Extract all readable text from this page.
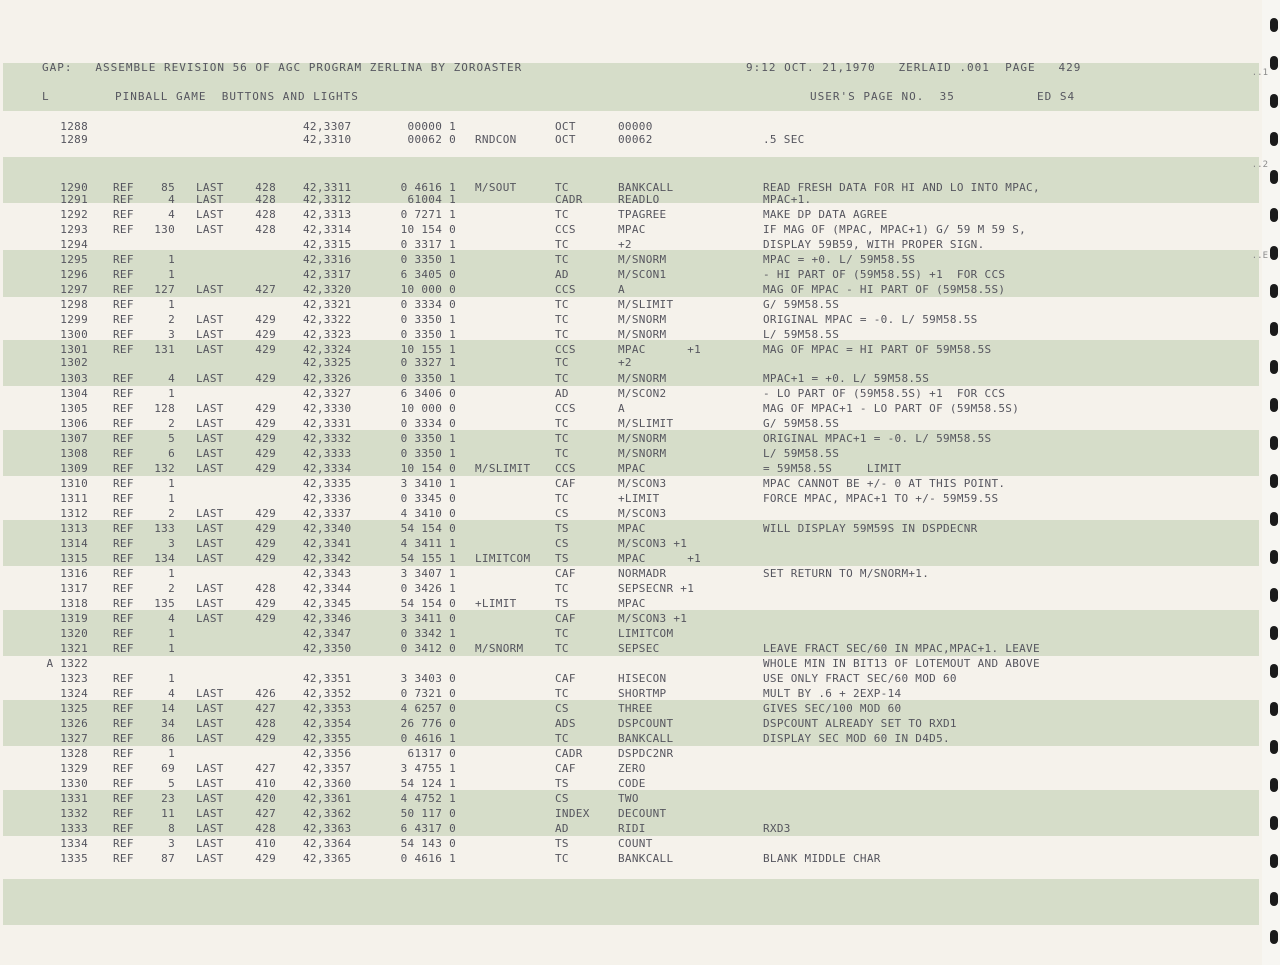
GAP:   ASSEMBLE REVISION 56 OF AGC PROGRAM ZERLINA BY ZOROASTER	9:12 OCT. 21,1970   ZERLAID .001  PAGE   429
L	PINBALL GAME  BUTTONS AND LIGHTS	USER'S PAGE NO.  35	ED S4
1288	42,3307	00000 1	OCT	00000
1289	42,3310	00062 0 RNDCON	OCT	00062	.5 SEC
1290 REF	85 LAST	428 42,3311	0 4616 1 M/SOUT	TC	BANKCALL	READ FRESH DATA FOR HI AND LO INTO MPAC,
1291 REF	4 LAST	428 42,3312	61004 1	CADR	READLO	MPAC+1.
1292 REF	4 LAST	428 42,3313	0 7271 1	TC	TPAGREE	MAKE DP DATA AGREE
1293 REF	130 LAST	428 42,3314	10 154 0	CCS	MPAC	IF MAG OF (MPAC, MPAC+1) G/ 59 M 59 S,
1294	42,3315	0 3317 1	TC	+2	DISPLAY 59B59, WITH PROPER SIGN.
1295 REF	1	42,3316	0 3350 1	TC	M/SNORM	MPAC = +0. L/ 59M58.5S
1296 REF	1	42,3317	6 3405 0	AD	M/SCON1	- HI PART OF (59M58.5S) +1  FOR CCS
1297 REF	127 LAST	427 42,3320	10 000 0	CCS	A	MAG OF MPAC - HI PART OF (59M58.5S)
1298 REF	1	42,3321	0 3334 0	TC	M/SLIMIT	G/ 59M58.5S
1299 REF	2 LAST	429 42,3322	0 3350 1	TC	M/SNORM	ORIGINAL MPAC = -0. L/ 59M58.5S
1300 REF	3 LAST	429 42,3323	0 3350 1	TC	M/SNORM	L/ 59M58.5S
1301 REF	131 LAST	429 42,3324	10 155 1	CCS	MPAC      +1	MAG OF MPAC = HI PART OF 59M58.5S
1302	42,3325	0 3327 1	TC	+2
1303 REF	4 LAST	429 42,3326	0 3350 1	TC	M/SNORM	MPAC+1 = +0. L/ 59M58.5S
1304 REF	1	42,3327	6 3406 0	AD	M/SCON2	- LO PART OF (59M58.5S) +1  FOR CCS
1305 REF	128 LAST	429 42,3330	10 000 0	CCS	A	MAG OF MPAC+1 - LO PART OF (59M58.5S)
1306 REF	2 LAST	429 42,3331	0 3334 0	TC	M/SLIMIT	G/ 59M58.5S
1307 REF	5 LAST	429 42,3332	0 3350 1	TC	M/SNORM	ORIGINAL MPAC+1 = -0. L/ 59M58.5S
1308 REF	6 LAST	429 42,3333	0 3350 1	TC	M/SNORM	L/ 59M58.5S
1309 REF	132 LAST	429 42,3334	10 154 0 M/SLIMIT CCS	MPAC	= 59M58.5S     LIMIT
1310 REF	1	42,3335	3 3410 1	CAF	M/SCON3	MPAC CANNOT BE +/- 0 AT THIS POINT.
1311 REF	1	42,3336	0 3345 0	TC	+LIMIT	FORCE MPAC, MPAC+1 TO +/- 59M59.5S
1312 REF	2 LAST	429 42,3337	4 3410 0	CS	M/SCON3
1313 REF	133 LAST	429 42,3340	54 154 0	TS	MPAC	WILL DISPLAY 59M59S IN DSPDECNR
1314 REF	3 LAST	429 42,3341	4 3411 1	CS	M/SCON3 +1
1315 REF	134 LAST	429 42,3342	54 155 1 LIMITCOM TS	MPAC      +1
1316 REF	1	42,3343	3 3407 1	CAF	NORMADR	SET RETURN TO M/SNORM+1.
1317 REF	2 LAST	428 42,3344	0 3426 1	TC	SEPSECNR +1
1318 REF	135 LAST	429 42,3345	54 154 0 +LIMIT	TS	MPAC
1319 REF	4 LAST	429 42,3346	3 3411 0	CAF	M/SCON3 +1
1320 REF	1	42,3347	0 3342 1	TC	LIMITCOM
1321 REF	1	42,3350	0 3412 0 M/SNORM	TC	SEPSEC	LEAVE FRACT SEC/60 IN MPAC,MPAC+1. LEAVE
A 1322	WHOLE MIN IN BIT13 OF LOTEMOUT AND ABOVE
1323 REF	1	42,3351	3 3403 0	CAF	HISECON	USE ONLY FRACT SEC/60 MOD 60
1324 REF	4 LAST	426 42,3352	0 7321 0	TC	SHORTMP	MULT BY .6 + 2EXP-14
1325 REF	14 LAST	427 42,3353	4 6257 0	CS	THREE	GIVES SEC/100 MOD 60
1326 REF	34 LAST	428 42,3354	26 776 0	ADS	DSPCOUNT	DSPCOUNT ALREADY SET TO RXD1
1327 REF	86 LAST	429 42,3355	0 4616 1	TC	BANKCALL	DISPLAY SEC MOD 60 IN D4D5.
1328 REF	1	42,3356	61317 0	CADR	DSPDC2NR
1329 REF	69 LAST	427 42,3357	3 4755 1	CAF	ZERO
1330 REF	5 LAST	410 42,3360	54 124 1	TS	CODE
1331 REF	23 LAST	420 42,3361	4 4752 1	CS	TWO
1332 REF	11 LAST	427 42,3362	50 117 0	INDEX	DECOUNT
1333 REF	8 LAST	428 42,3363	6 4317 0	AD	RIDI	RXD3
1334 REF	3 LAST	410 42,3364	54 143 0	TS	COUNT
1335 REF	87 LAST	429 42,3365	0 4616 1	TC	BANKCALL	BLANK MIDDLE CHAR
..1
..2
..E
